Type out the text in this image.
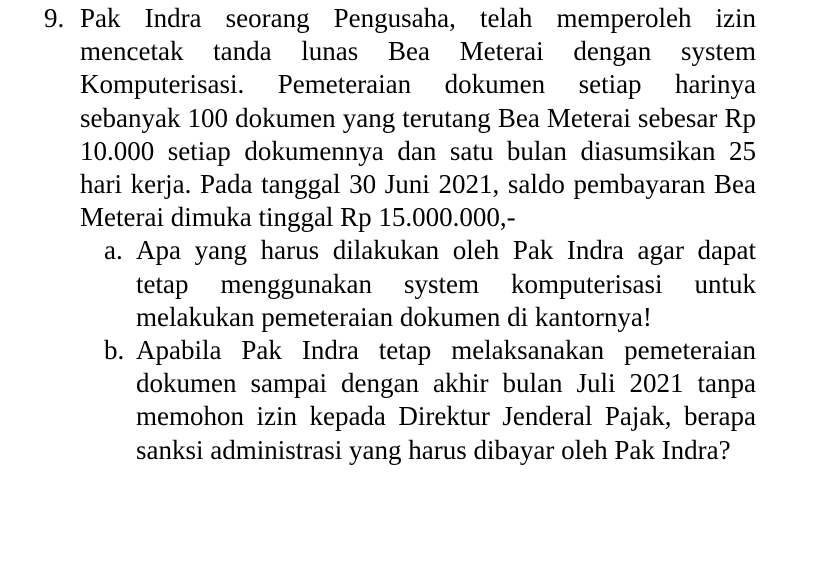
9. Pak Indra seorang Pengusaha, telah memperoleh izin mencetak tanda lunas Bea Meterai dengan system Komputerisasi. Pemeteraian dokumen setiap harinya sebanyak 100 dokumen yang terutang Bea Meterai sebesar Rp 10.000 setiap dokumennya dan satu bulan diasumsikan 25 hari kerja. Pada tanggal 30 Juni 2021, saldo pembayaran Bea Meterai dimuka tinggal Rp 15.000.000,-
a. Apa yang harus dilakukan oleh Pak Indra agar dapat tetap menggunakan system komputerisasi untuk melakukan pemeteraian dokumen di kantornya!
b. Apabila Pak Indra tetap melaksanakan pemeteraian dokumen sampai dengan akhir bulan Juli 2021 tanpa memohon izin kepada Direktur Jenderal Pajak, berapa sanksi administrasi yang harus dibayar oleh Pak Indra?
